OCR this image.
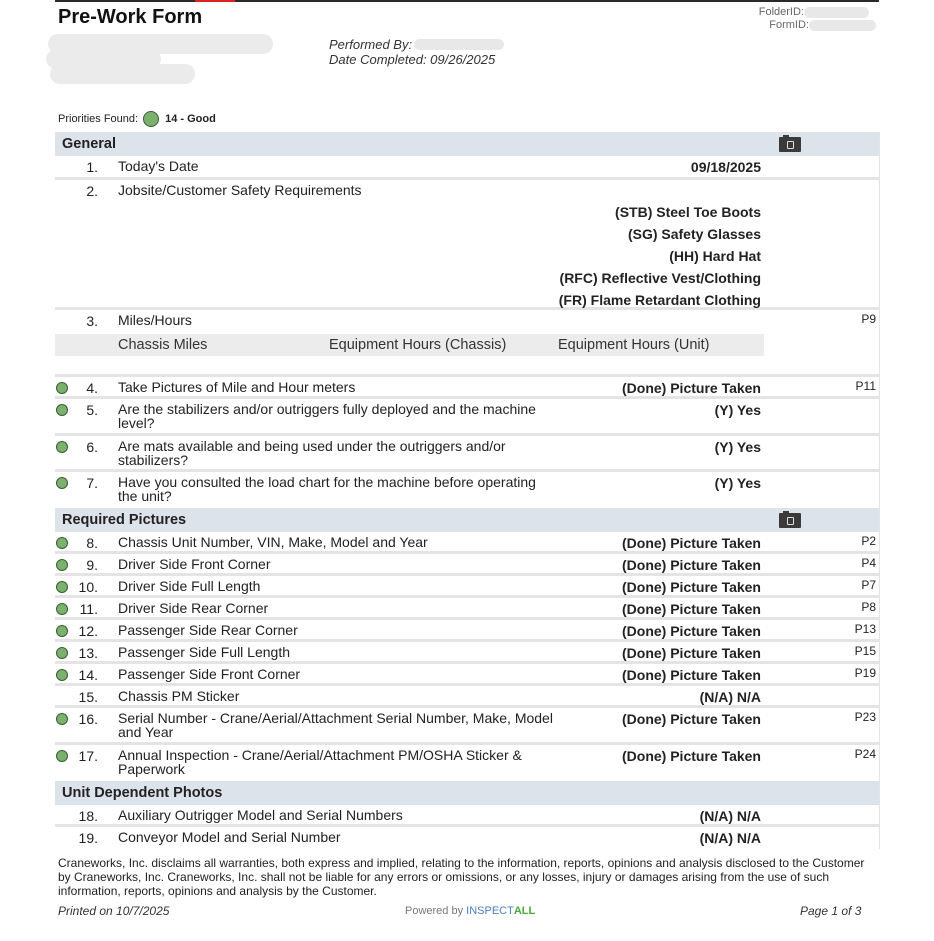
Pre-Work Form	FolderID:
FormID:
Performed By:
Date Completed: 09/26/2025
Priorities Found: 14 - Good
General
1. Today's Date	09/18/2025
2. Jobsite/Customer Safety Requirements
(STB) Steel Toe Boots
(SG) Safety Glasses
(HH) Hard Hat
(RFC) Reflective Vest/Clothing
(FR) Flame Retardant Clothing
3. Miles/Hours	P9
Chassis Miles	Equipment Hours (Chassis)	Equipment Hours (Unit)
4. Take Pictures of Mile and Hour meters	(Done) Picture Taken	P11
5. Are the stabilizers and/or outriggers fully deployed and the machine level?
(Y) Yes
6. Are mats available and being used under the outriggers and/or stabilizers?
(Y) Yes
7. Have you consulted the load chart for the machine before operating the unit?
(Y) Yes
Required Pictures
8. Chassis Unit Number, VIN, Make, Model and Year	(Done) Picture Taken	P2
9. Driver Side Front Corner	(Done) Picture Taken	P4
10. Driver Side Full Length	(Done) Picture Taken	P7
11. Driver Side Rear Corner	(Done) Picture Taken	P8
12. Passenger Side Rear Corner	(Done) Picture Taken	P13
13. Passenger Side Full Length	(Done) Picture Taken	P15
14. Passenger Side Front Corner	(Done) Picture Taken	P19
15. Chassis PM Sticker	(N/A) N/A
16. Serial Number - Crane/Aerial/Attachment Serial Number, Make, Model and Year
(Done) Picture Taken	P23
17. Annual Inspection - Crane/Aerial/Attachment PM/OSHA Sticker & Paperwork
(Done) Picture Taken	P24
Unit Dependent Photos
18. Auxiliary Outrigger Model and Serial Numbers	(N/A) N/A
19. Conveyor Model and Serial Number	(N/A) N/A
Craneworks, Inc. disclaims all warranties, both express and implied, relating to the information, reports, opinions and analysis disclosed to the Customer by Craneworks, Inc. Craneworks, Inc. shall not be liable for any errors or omissions, or any losses, injury or damages arising from the use of such information, reports, opinions and analysis by the Customer.
Printed on 10/7/2025	Powered by INSPECTALL	Page 1 of 3
